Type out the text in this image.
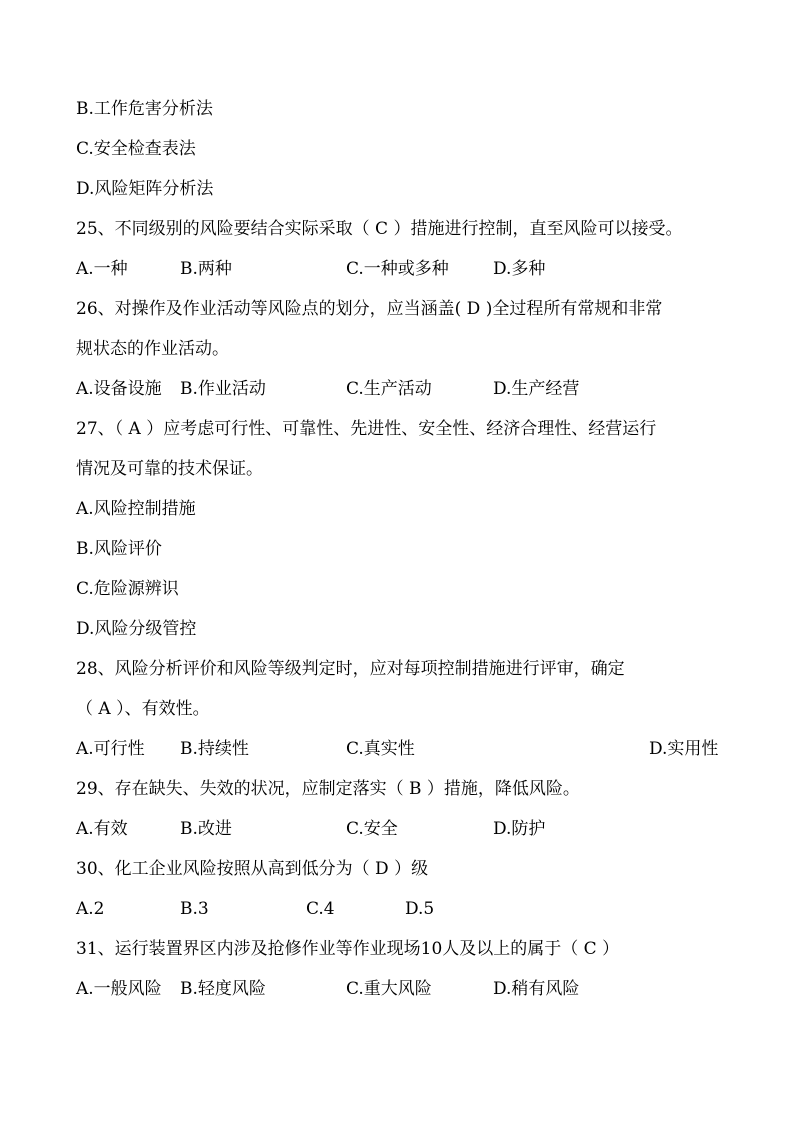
B.工作危害分析法
C.安全检查表法
D.风险矩阵分析法
25、不同级别的风险要结合实际采取（ C ）措施进行控制，直至风险可以接受。
A.一种	B.两种	C.一种或多种	D.多种
26、对操作及作业活动等风险点的划分，应当涵盖( D )全过程所有常规和非常
规状态的作业活动。
A.设备设施 B.作业活动	C.生产活动	D.生产经营
27、（ A ）应考虑可行性、可靠性、先进性、安全性、经济合理性、经营运行
情况及可靠的技术保证。
A.风险控制措施
B.风险评价
C.危险源辨识
D.风险分级管控
28、风险分析评价和风险等级判定时，应对每项控制措施进行评审，确定
（ A ）、有效性。
A.可行性 B.持续性	C.真实性	D.实用性
29、存在缺失、失效的状况，应制定落实（ B ）措施，降低风险。
A.有效	B.改进	C.安全	D.防护
30、化工企业风险按照从高到低分为（ D ）级
A.2	B.3	C.4	D.5
31、运行装置界区内涉及抢修作业等作业现场10人及以上的属于（ C ）
A.一般风险 B.轻度风险	C.重大风险	D.稍有风险
